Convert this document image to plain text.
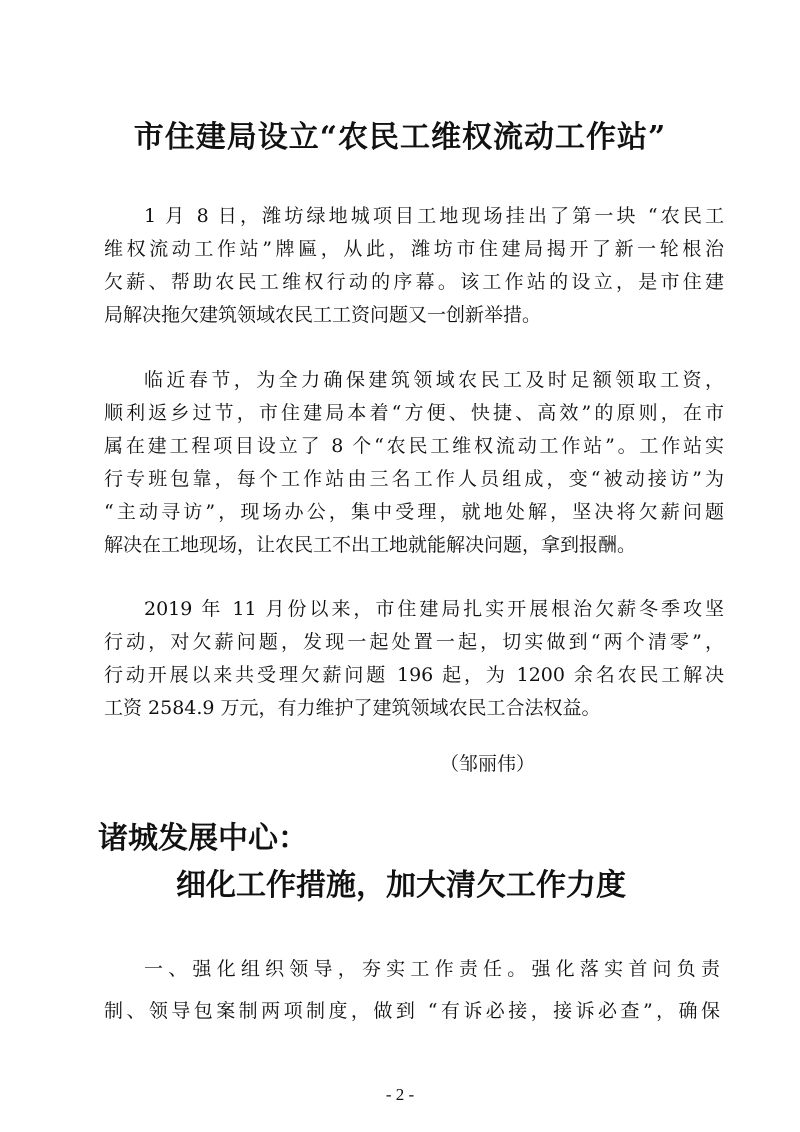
市住建局设立“农民工维权流动工作站”
1 月 8 日，潍坊绿地城项目工地现场挂出了第一块 “农民工
维权流动工作站”牌匾，从此，潍坊市住建局揭开了新一轮根治
欠薪、帮助农民工维权行动的序幕。该工作站的设立，是市住建
局解决拖欠建筑领域农民工工资问题又一创新举措。
临近春节，为全力确保建筑领域农民工及时足额领取工资，
顺利返乡过节，市住建局本着“方便、快捷、高效”的原则，在市
属在建工程项目设立了 8 个“农民工维权流动工作站”。工作站实
行专班包靠，每个工作站由三名工作人员组成，变“被动接访”为
“主动寻访”，现场办公，集中受理，就地处解，坚决将欠薪问题
解决在工地现场，让农民工不出工地就能解决问题，拿到报酬。
2019 年 11 月份以来，市住建局扎实开展根治欠薪冬季攻坚
行动，对欠薪问题，发现一起处置一起，切实做到“两个清零”，
行动开展以来共受理欠薪问题 196 起，为 1200 余名农民工解决
工资 2584.9 万元，有力维护了建筑领域农民工合法权益。
（邹丽伟）
诸城发展中心：
细化工作措施，加大清欠工作力度
一、强化组织领导，夯实工作责任。强化落实首问负责
制、领导包案制两项制度，做到 “有诉必接，接诉必查”，确保
- 2 -
